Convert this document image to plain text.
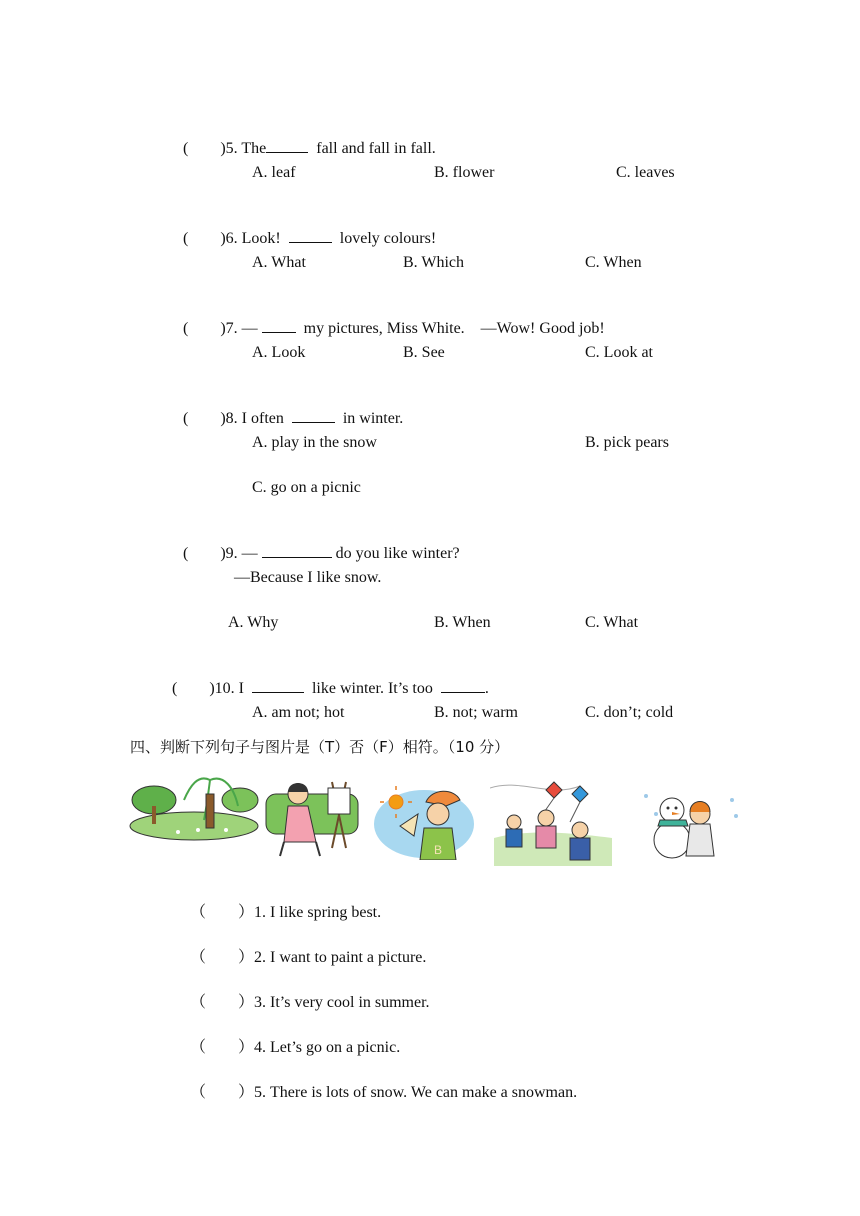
(        )5. The	fall and fall in fall.

A. leaf	B. flower	C. leaves

(        )6. Look!	lovely colours!

A. What	B. Which	C. When

(        )7. —   my pictures, Miss White.    —Wow! Good job!

A. Look	B. See	C. Look at

(        )8. I often	in winter.

A. play in the snow	B. pick pears
C. go on a picnic

(        )9. —	do you like winter?

—Because I like snow.
A. Why	B. When	C. What

(        )10. I	like winter. It’s too	.

A. am not; hot	B. not; warm	C. don’t; cold
四、判断下列句子与图片是（T）否（F）相符。（10 分）
B

（        ）1. I like spring best.

（        ）2. I want to paint a picture.

（        ）3. It’s very cool in summer.

（        ）4. Let’s go on a picnic.

（        ）5. There is lots of snow. We can make a snowman.
